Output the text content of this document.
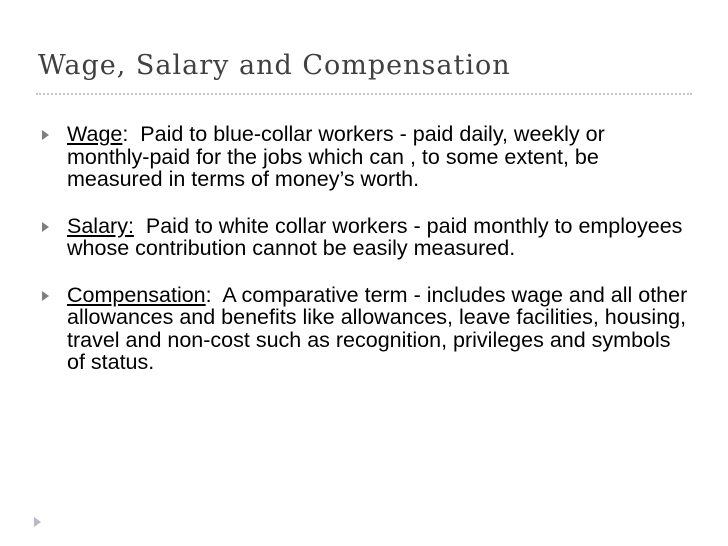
Wage, Salary and Compensation
Wage:  Paid to blue-collar workers - paid daily, weekly or monthly-paid for the jobs which can , to some extent, be measured in terms of money’s worth.
Salary:  Paid to white collar workers - paid monthly to employees whose contribution cannot be easily measured.
Compensation:  A comparative term - includes wage and all other allowances and benefits like allowances, leave facilities, housing, travel and non-cost such as recognition, privileges and symbols of status.
